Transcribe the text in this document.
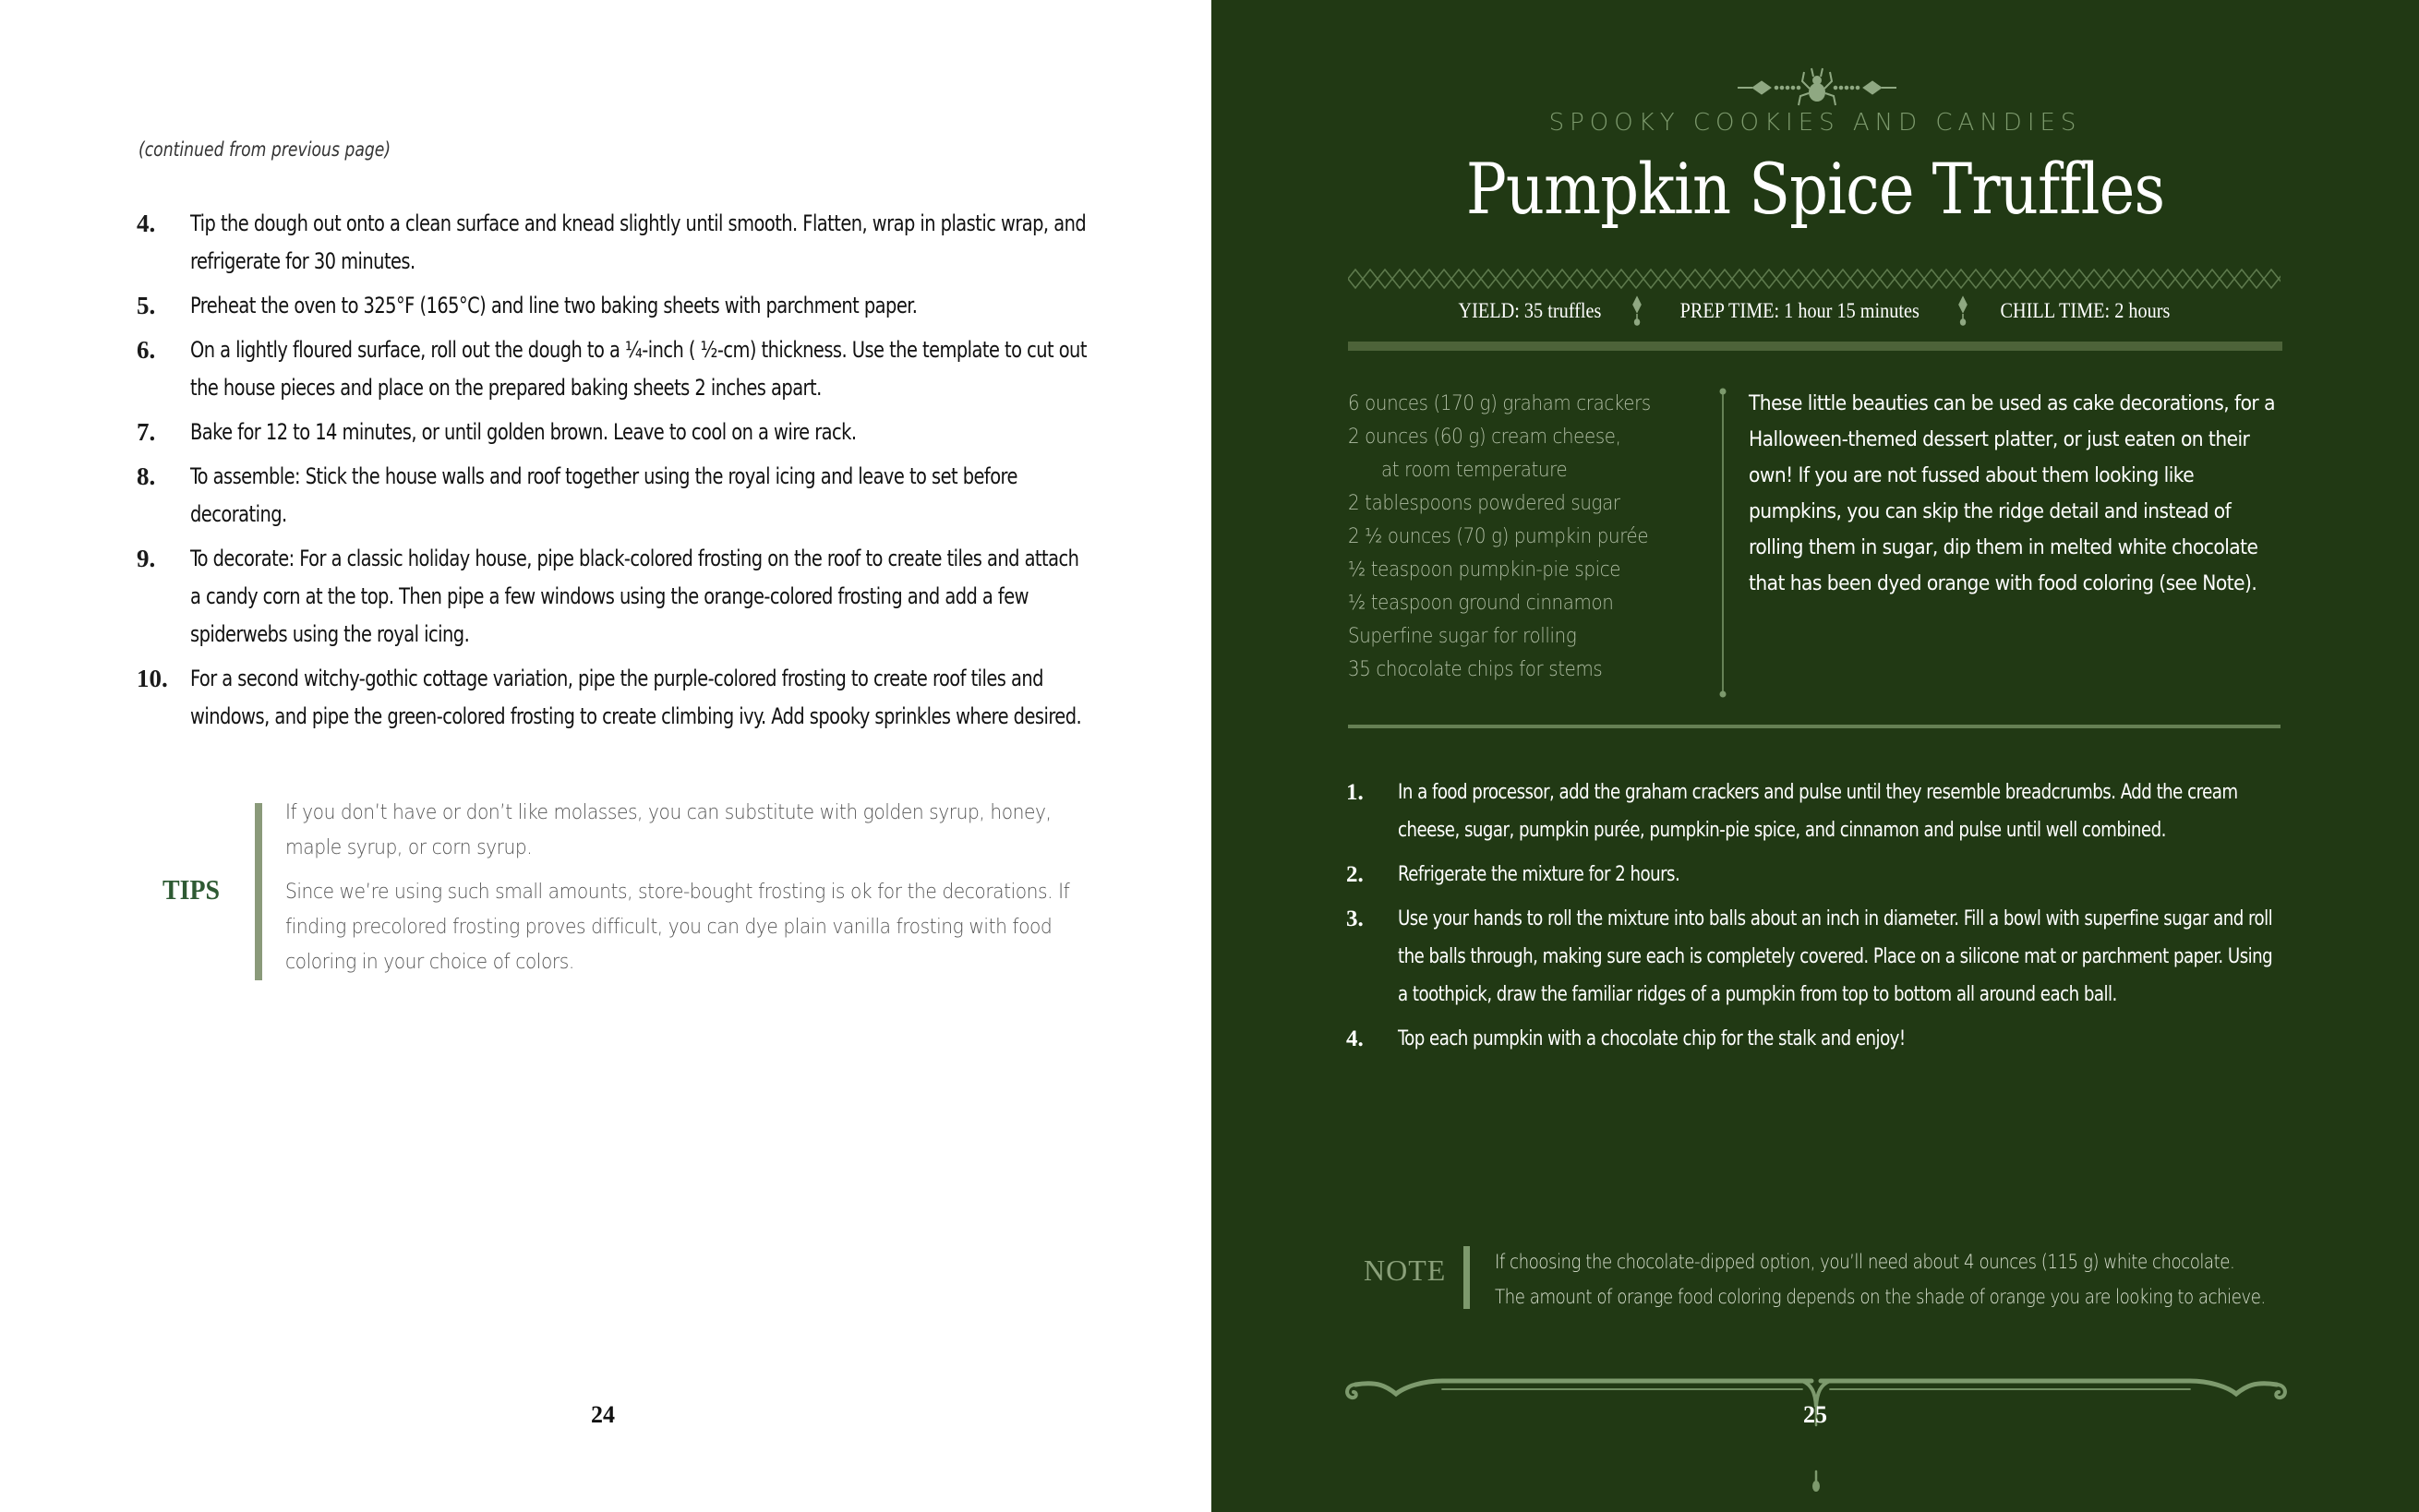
(continued from previous page)
4.	Tip the dough out onto a clean surface and knead slightly until smooth. Flatten, wrap in plastic wrap, and refrigerate for 30 minutes.
5.	Preheat the oven to 325°F (165°C) and line two baking sheets with parchment paper.
6.	On a lightly floured surface, roll out the dough to a ¼-inch ( ½-cm) thickness. Use the template to cut out the house pieces and place on the prepared baking sheets 2 inches apart.
7.	Bake for 12 to 14 minutes, or until golden brown. Leave to cool on a wire rack.
8.	To assemble: Stick the house walls and roof together using the royal icing and leave to set before decorating.
9.	To decorate: For a classic holiday house, pipe black-colored frosting on the roof to create tiles and attach a candy corn at the top. Then pipe a few windows using the orange-colored frosting and add a few spiderwebs using the royal icing.
10.	For a second witchy-gothic cottage variation, pipe the purple-colored frosting to create roof tiles and windows, and pipe the green-colored frosting to create climbing ivy. Add spooky sprinkles where desired.
TIPS

If you don’t have or don’t like molasses, you can substitute with golden syrup, honey, maple syrup, or corn syrup.

Since we’re using such small amounts, store-bought frosting is ok for the decorations. If finding precolored frosting proves difficult, you can dye plain vanilla frosting with food coloring in your choice of colors.

24
SPOOKY COOKIES AND CANDIES
Pumpkin Spice Truffles
YIELD: 35 truffles	PREP TIME: 1 hour 15 minutes	CHILL TIME: 2 hours
6 ounces (170 g) graham crackers
2 ounces (60 g) cream cheese,
at room temperature
2 tablespoons powdered sugar
2 ½ ounces (70 g) pumpkin purée
½ teaspoon pumpkin-pie spice
½ teaspoon ground cinnamon
Superfine sugar for rolling
35 chocolate chips for stems
These little beauties can be used as cake decorations, for a Halloween-themed dessert platter, or just eaten on their own! If you are not fussed about them looking like pumpkins, you can skip the ridge detail and instead of rolling them in sugar, dip them in melted white chocolate that has been dyed orange with food coloring (see Note).
1.	In a food processor, add the graham crackers and pulse until they resemble breadcrumbs. Add the cream cheese, sugar, pumpkin purée, pumpkin-pie spice, and cinnamon and pulse until well combined.
2.	Refrigerate the mixture for 2 hours.
3.	Use your hands to roll the mixture into balls about an inch in diameter. Fill a bowl with superfine sugar and roll the balls through, making sure each is completely covered. Place on a silicone mat or parchment paper. Using a toothpick, draw the familiar ridges of a pumpkin from top to bottom all around each ball.
4.	Top each pumpkin with a chocolate chip for the stalk and enjoy!
NOTE	If choosing the chocolate-dipped option, you’ll need about 4 ounces (115 g) white chocolate.

The amount of orange food coloring depends on the shade of orange you are looking to achieve.

25
